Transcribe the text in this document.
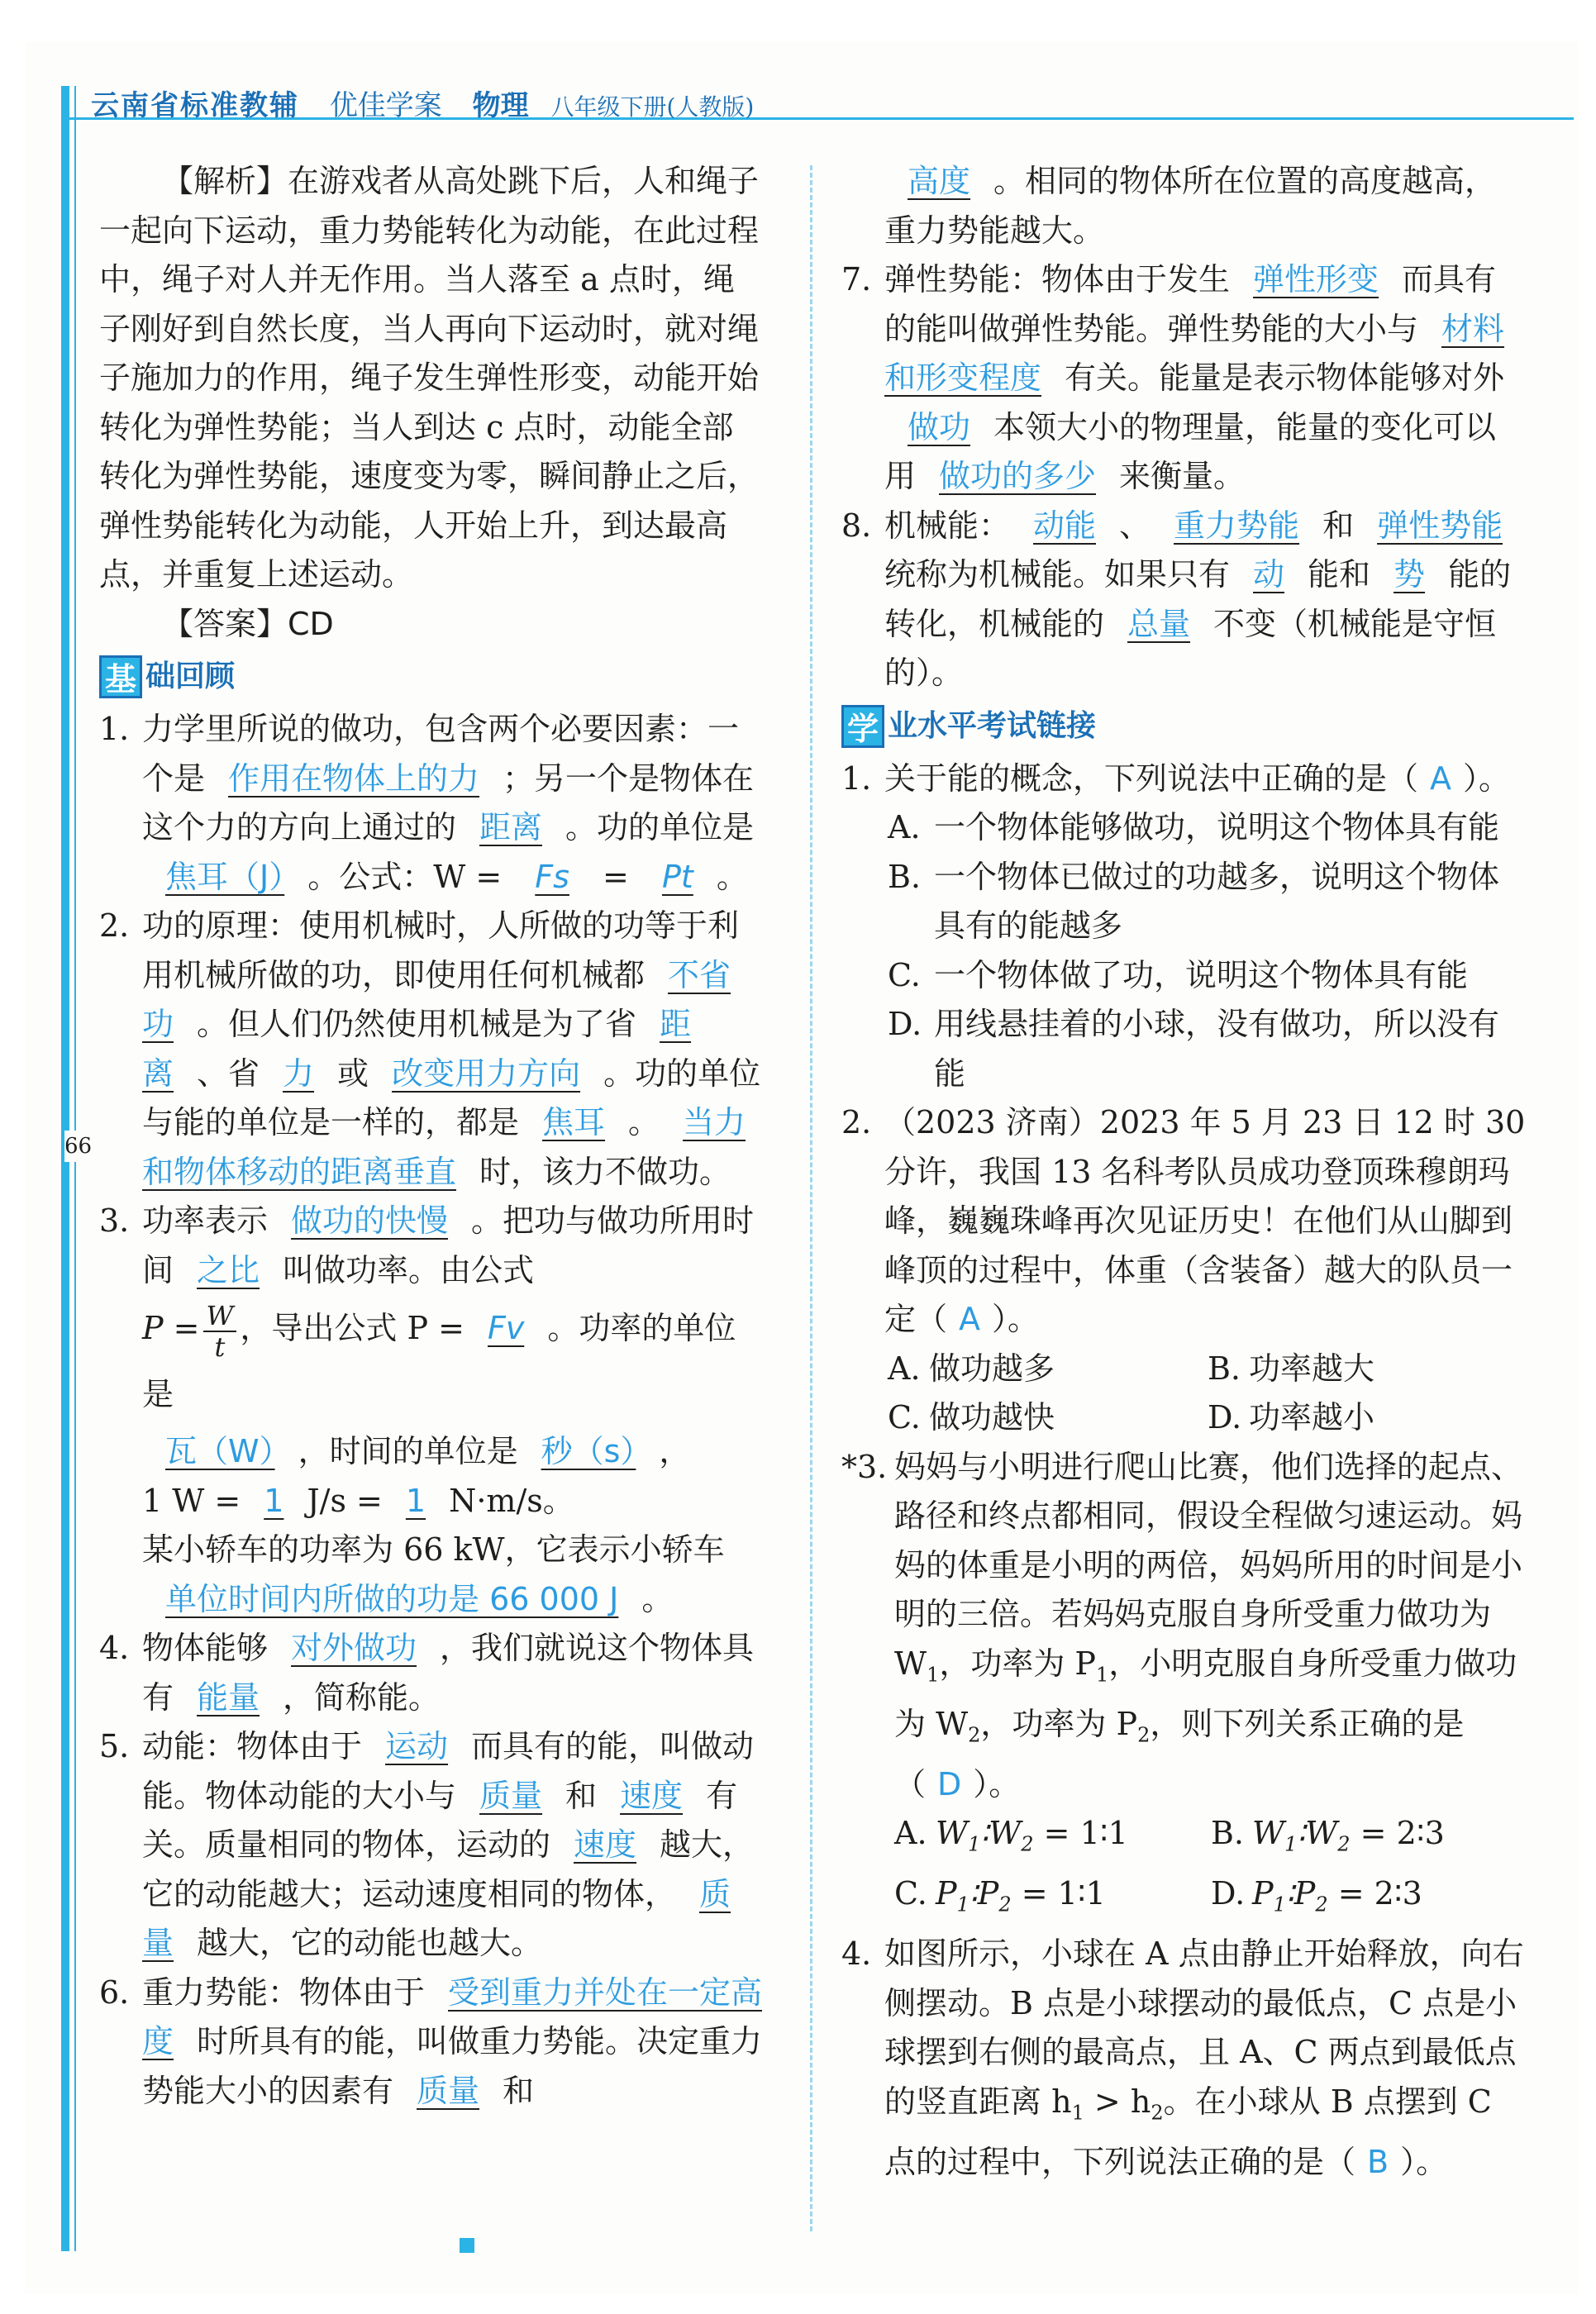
云南省标准教辅 优佳学案 物理 八年级下册(人教版)
66

【解析】在游戏者从高处跳下后，人和绳子一起向下运动，重力势能转化为动能，在此过程中，绳子对人并无作用。当人落至 a 点时，绳子刚好到自然长度，当人再向下运动时，就对绳子施加力的作用，绳子发生弹性形变，动能开始转化为弹性势能；当人到达 c 点时，动能全部转化为弹性势能，速度变为零，瞬间静止之后，弹性势能转化为动能，人开始上升，到达最高点，并重复上述运动。

【答案】CD

基 础回顾

1. 力学里所说的做功，包含两个必要因素：一个是 作用在物体上的力 ；另一个是物体在这个力的方向上通过的 距离 。功的单位是焦耳（J） 。公式：W = Fs = Pt 。

2. 功的原理：使用机械时，人所做的功等于利用机械所做的功，即使用任何机械都 不省功 。但人们仍然使用机械是为了省 距离 、省 力 或 改变用力方向 。功的单位与能的单位是一样的，都是 焦耳 。 当力和物体移动的距离垂直 时，该力不做功。

3. 功率表示 做功的快慢 。把功与做功所用时间 之比 叫做功率。由公式

$P = \frac{W}{t}$ ，导出公式 P = Fv 。功率的单位是

瓦（W） ，时间的单位是 秒（s） ，
1 W = 1 J/s = 1 N·m/s。
某小轿车的功率为 66 kW，它表示小轿车单位时间内所做的功是 66 000 J 。

4. 物体能够 对外做功 ，我们就说这个物体具有 能量 ，简称能。

5. 动能：物体由于 运动 而具有的能，叫做动能。物体动能的大小与 质量 和 速度 有关。质量相同的物体，运动的 速度 越大，它的动能越大；运动速度相同的物体， 质量 越大，它的动能也越大。

6. 重力势能：物体由于 受到重力并处在一定高度 时所具有的能，叫做重力势能。决定重力势能大小的因素有 质量 和

高度 。相同的物体所在位置的高度越高，重力势能越大。

7. 弹性势能：物体由于发生 弹性形变 而具有的能叫做弹性势能。弹性势能的大小与 材料和形变程度 有关。能量是表示物体能够对外做功 本领大小的物理量，能量的变化可以用 做功的多少 来衡量。

8. 机械能： 动能 、 重力势能 和 弹性势能统称为机械能。如果只有 动 能和 势 能的转化，机械能的 总量 不变（机械能是守恒的）。

学 业水平考试链接

1. 关于能的概念，下列说法中正确的是（ A ）。

A. 一个物体能够做功，说明这个物体具有能

B. 一个物体已做过的功越多，说明这个物体具有的能越多

C. 一个物体做了功，说明这个物体具有能

D. 用线悬挂着的小球，没有做功，所以没有能

2. （2023 济南）2023 年 5 月 23 日 12 时 30 分许，我国 13 名科考队员成功登顶珠穆朗玛峰，巍巍珠峰再次见证历史！在他们从山脚到峰顶的过程中，体重（含装备）越大的队员一定（ A ）。

A. 做功越多	B. 功率越大
C. 做功越快	D. 功率越小

*3. 妈妈与小明进行爬山比赛，他们选择的起点、路径和终点都相同，假设全程做匀速运动。妈妈的体重是小明的两倍，妈妈所用的时间是小明的三倍。若妈妈克服自身所受重力做功为 $W_1$，功率为 $P_1$，小明克服自身所受重力做功为 $W_2$，功率为 $P_2$，则下列关系正确的是（ D ）。

A. $W_1∶W_2$ = 1∶1	B. $W_1∶W_2$ = 2∶3
C. $P_1∶P_2$ = 1∶1	D. $P_1∶P_2$ = 2∶3

4. 如图所示，小球在 A 点由静止开始释放，向右侧摆动。B 点是小球摆动的最低点，C 点是小球摆到右侧的最高点，且 A、C 两点到最低点的竖直距离 $h_1 > h_2$。在小球从 B 点摆到 C 点的过程中，下列说法正确的是（ B ）。
